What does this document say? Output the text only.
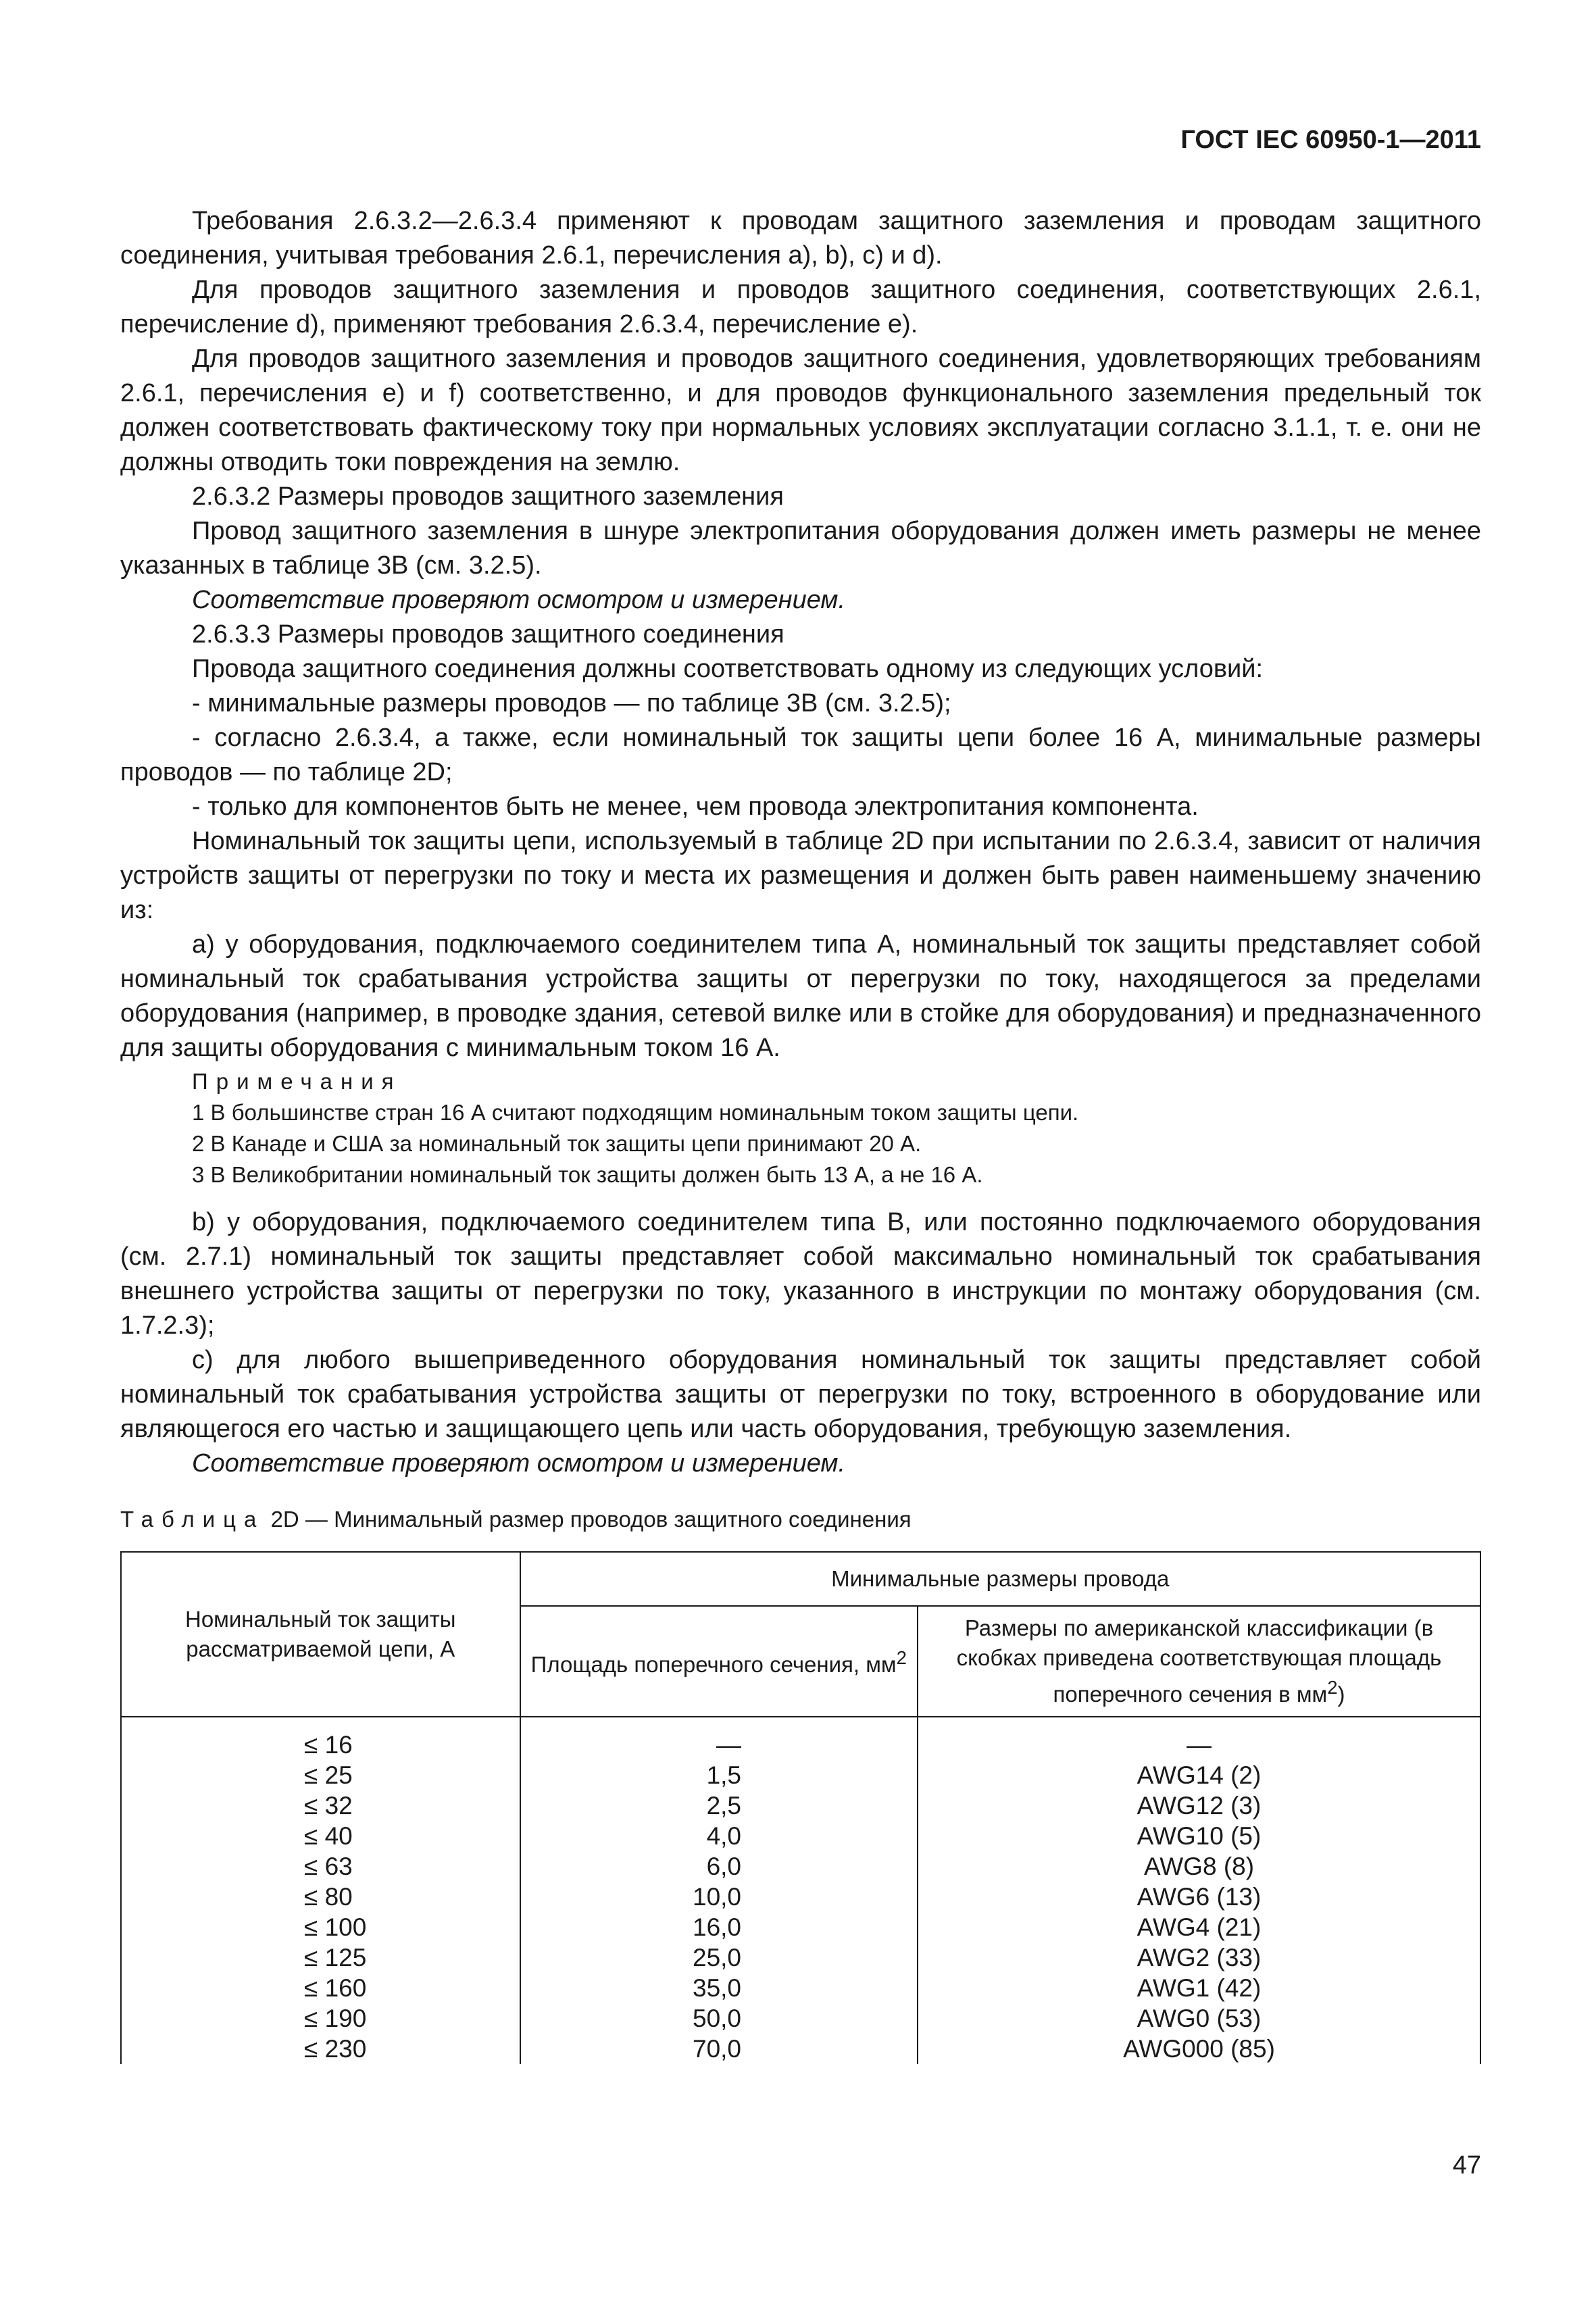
ГОСТ IEC 60950-1—2011

Требования 2.6.3.2—2.6.3.4 применяют к проводам защитного заземления и проводам защитного соединения, учитывая требования 2.6.1, перечисления а), b), с) и d).

Для проводов защитного заземления и проводов защитного соединения, соответствующих 2.6.1, перечисление d), применяют требования 2.6.3.4, перечисление е).

Для проводов защитного заземления и проводов защитного соединения, удовлетворяющих требованиям 2.6.1, перечисления е) и f) соответственно, и для проводов функционального заземления предельный ток должен соответствовать фактическому току при нормальных условиях эксплуатации согласно 3.1.1, т. е. они не должны отводить токи повреждения на землю.

2.6.3.2 Размеры проводов защитного заземления

Провод защитного заземления в шнуре электропитания оборудования должен иметь размеры не менее указанных в таблице 3В (см. 3.2.5).

Соответствие проверяют осмотром и измерением.

2.6.3.3 Размеры проводов защитного соединения

Провода защитного соединения должны соответствовать одному из следующих условий:

- минимальные размеры проводов — по таблице 3В (см. 3.2.5);

- согласно 2.6.3.4, а также, если номинальный ток защиты цепи более 16 А, минимальные размеры проводов — по таблице 2D;

- только для компонентов быть не менее, чем провода электропитания компонента.

Номинальный ток защиты цепи, используемый в таблице 2D при испытании по 2.6.3.4, зависит от наличия устройств защиты от перегрузки по току и места их размещения и должен быть равен наименьшему значению из:

а) у оборудования, подключаемого соединителем типа А, номинальный ток защиты представляет собой номинальный ток срабатывания устройства защиты от перегрузки по току, находящегося за пределами оборудования (например, в проводке здания, сетевой вилке или в стойке для оборудования) и предназначенного для защиты оборудования с минимальным током 16 А.

Примечания
1 В большинстве стран 16 А считают подходящим номинальным током защиты цепи.
2 В Канаде и США за номинальный ток защиты цепи принимают 20 А.
3 В Великобритании номинальный ток защиты должен быть 13 А, а не 16 А.

b) у оборудования, подключаемого соединителем типа В, или постоянно подключаемого оборудования (см. 2.7.1) номинальный ток защиты представляет собой максимально номинальный ток срабатывания внешнего устройства защиты от перегрузки по току, указанного в инструкции по монтажу оборудования (см. 1.7.2.3);

с) для любого вышеприведенного оборудования номинальный ток защиты представляет собой номинальный ток срабатывания устройства защиты от перегрузки по току, встроенного в оборудование или являющегося его частью и защищающего цепь или часть оборудования, требующую заземления.

Соответствие проверяют осмотром и измерением.

Таблица 2D — Минимальный размер проводов защитного соединения
Номинальный ток защиты рассматриваемой цепи, А	Минимальные размеры провода	
	Площадь поперечного сечения, $мм^2$	Размеры по американской классификации (в скобках приведена соответствующая площадь поперечного сечения в $мм^2$)
≤ 16	—	—
≤ 25	1,5	AWG14 (2)
≤ 32	2,5	AWG12 (3)
≤ 40	4,0	AWG10 (5)
≤ 63	6,0	AWG8 (8)
≤ 80	10,0	AWG6 (13)
≤ 100	16,0	AWG4 (21)
≤ 125	25,0	AWG2 (33)
≤ 160	35,0	AWG1 (42)
≤ 190	50,0	AWG0 (53)
≤ 230	70,0	AWG000 (85)
47
